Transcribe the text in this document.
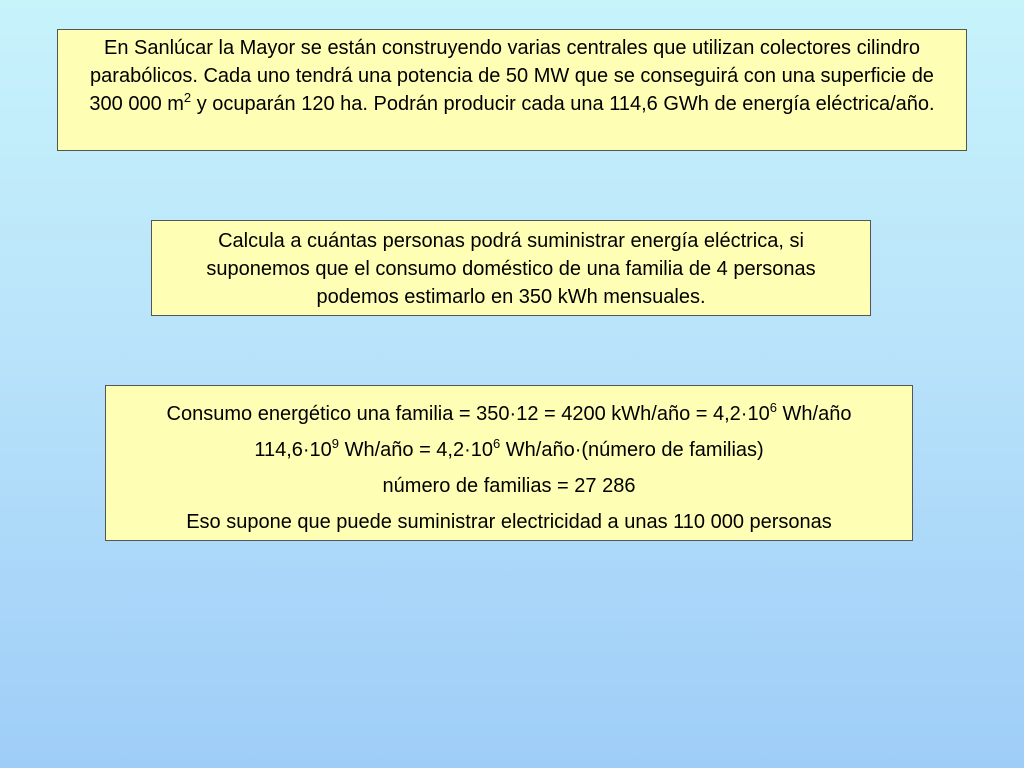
En Sanlúcar la Mayor se están construyendo varias centrales que utilizan colectores cilindro parabólicos. Cada uno tendrá una potencia de 50 MW que se conseguirá con una superficie de 300 000 $m^2$ y ocuparán 120 ha. Podrán producir cada una 114,6 GWh de energía eléctrica/año.
Calcula a cuántas personas podrá suministrar energía eléctrica, si suponemos que el consumo doméstico de una familia de 4 personas podemos estimarlo en 350 kWh mensuales.
Consumo energético una familia = 350·12 = 4200 kWh/año = $4,2\cdot 10^6$ Wh/año
$114,6\cdot 10^9$ Wh/año = $4,2\cdot 10^6$ Wh/año·(número de familias)
número de familias = 27 286
Eso supone que puede suministrar electricidad a unas 110 000 personas
